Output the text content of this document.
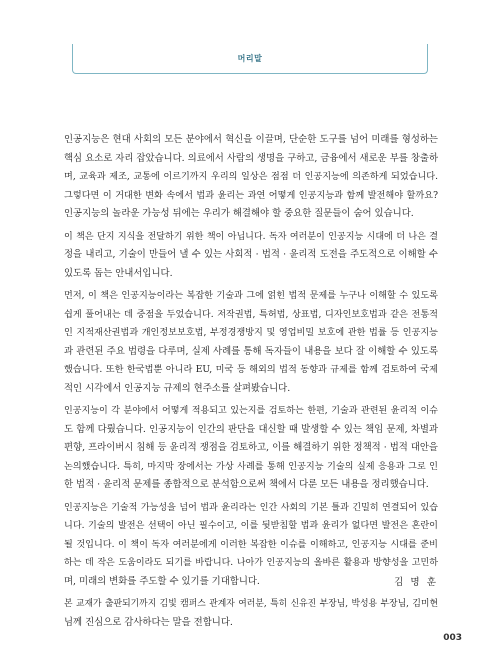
머리말

인공지능은 현대 사회의 모든 분야에서 혁신을 이끌며, 단순한 도구를 넘어 미래를 형성하는
핵심 요소로 자리 잡았습니다. 의료에서 사람의 생명을 구하고, 금융에서 새로운 부를 창출하
며, 교육과 제조, 교통에 이르기까지 우리의 일상은 점점 더 인공지능에 의존하게 되었습니다.
그렇다면 이 거대한 변화 속에서 법과 윤리는 과연 어떻게 인공지능과 함께 발전해야 할까요?
인공지능의 놀라운 가능성 뒤에는 우리가 해결해야 할 중요한 질문들이 숨어 있습니다.

이 책은 단지 지식을 전달하기 위한 책이 아닙니다. 독자 여러분이 인공지능 시대에 더 나은 결
정을 내리고, 기술이 만들어 낼 수 있는 사회적 · 법적 · 윤리적 도전을 주도적으로 이해할 수
있도록 돕는 안내서입니다.

먼저, 이 책은 인공지능이라는 복잡한 기술과 그에 얽힌 법적 문제를 누구나 이해할 수 있도록
쉽게 풀어내는 데 중점을 두었습니다. 저작권법, 특허법, 상표법, 디자인보호법과 같은 전통적
인 지적재산권법과 개인정보보호법, 부정경쟁방지 및 영업비밀 보호에 관한 법률 등 인공지능
과 관련된 주요 법령을 다루며, 실제 사례를 통해 독자들이 내용을 보다 잘 이해할 수 있도록
했습니다. 또한 한국법뿐 아니라 EU, 미국 등 해외의 법적 동향과 규제를 함께 검토하여 국제
적인 시각에서 인공지능 규제의 현주소를 살펴봤습니다.

인공지능이 각 분야에서 어떻게 적용되고 있는지를 검토하는 한편, 기술과 관련된 윤리적 이슈
도 함께 다뤘습니다. 인공지능이 인간의 판단을 대신할 때 발생할 수 있는 책임 문제, 차별과
편향, 프라이버시 침해 등 윤리적 쟁점을 검토하고, 이를 해결하기 위한 정책적 · 법적 대안을
논의했습니다. 특히, 마지막 장에서는 가상 사례를 통해 인공지능 기술의 실제 응용과 그로 인
한 법적 · 윤리적 문제를 종합적으로 분석함으로써 책에서 다룬 모든 내용을 정리했습니다.

인공지능은 기술적 가능성을 넘어 법과 윤리라는 인간 사회의 기본 틀과 긴밀히 연결되어 있습
니다. 기술의 발전은 선택이 아닌 필수이고, 이를 뒷받침할 법과 윤리가 없다면 발전은 혼란이
될 것입니다. 이 책이 독자 여러분에게 이러한 복잡한 이슈를 이해하고, 인공지능 시대를 준비
하는 데 작은 도움이라도 되기를 바랍니다. 나아가 인공지능의 올바른 활용과 방향성을 고민하
며, 미래의 변화를 주도할 수 있기를 기대합니다.

본 교재가 출판되기까지 김빛 캠퍼스 관계자 여러분, 특히 신유진 부장님, 박성용 부장님, 김미현
님께 진심으로 감사하다는 말을 전합니다.

김 명 훈
003
